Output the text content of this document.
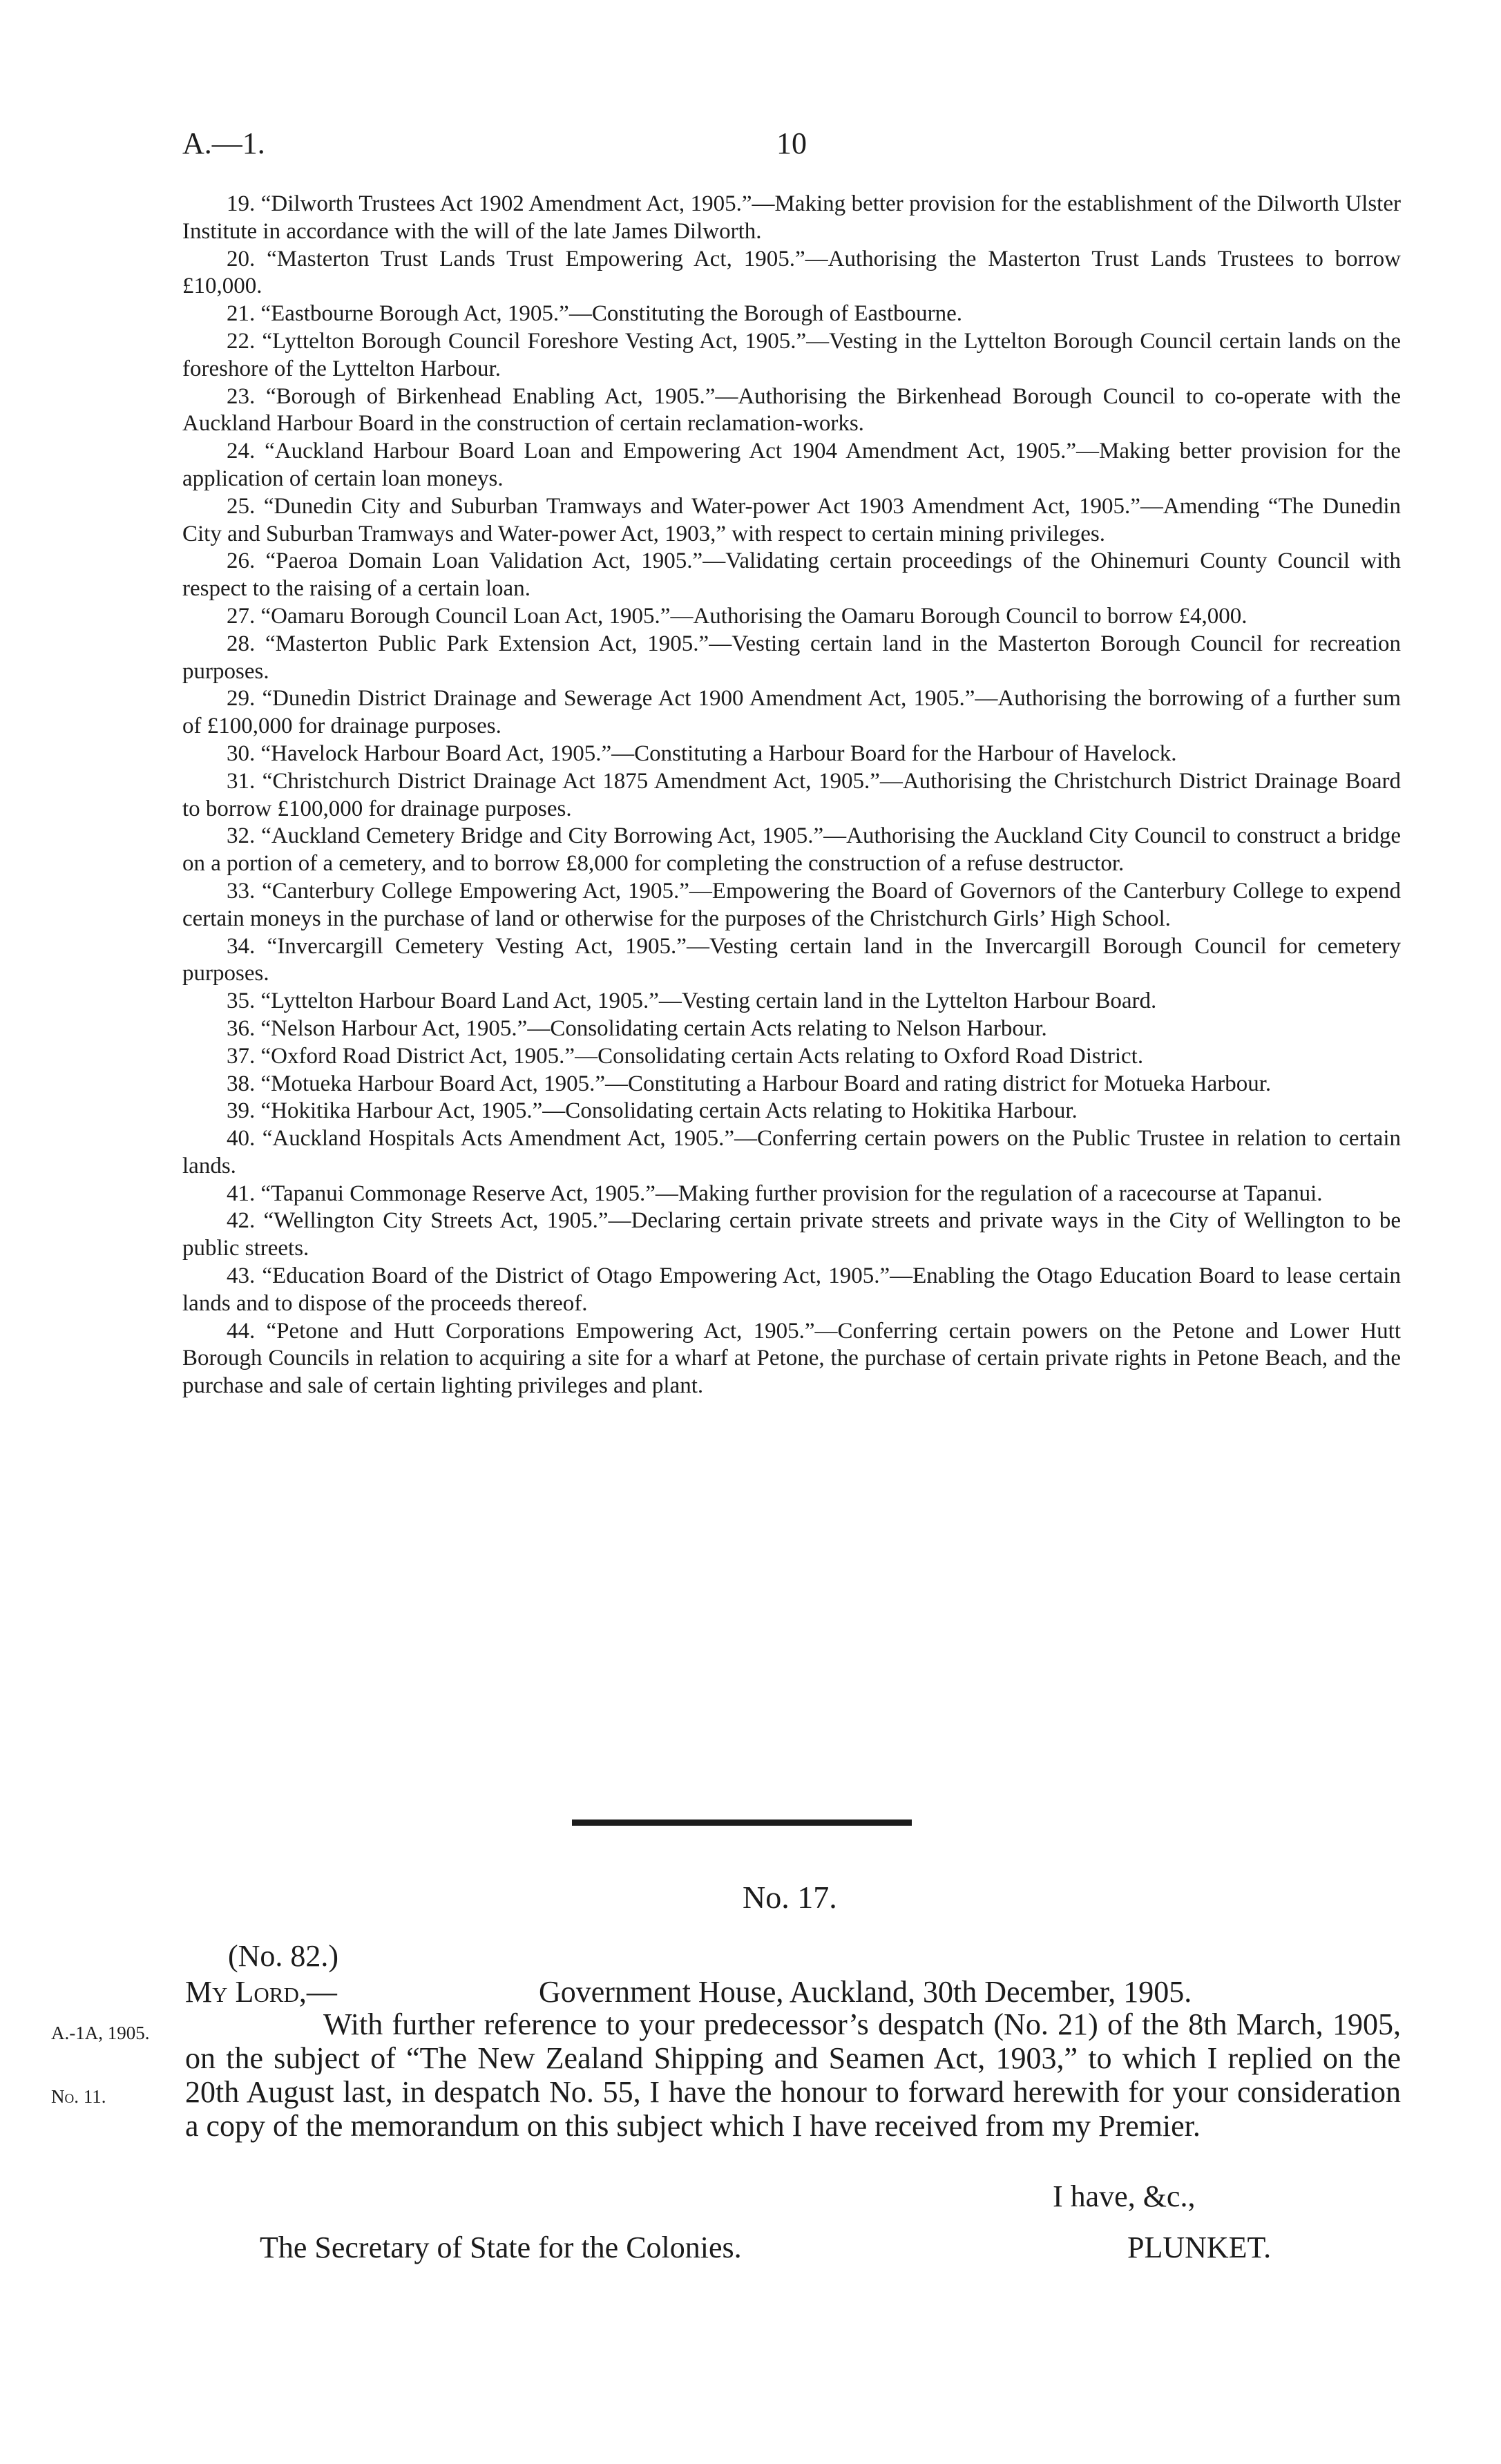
A.—1.	10

19. “Dilworth Trustees Act 1902 Amendment Act, 1905.”—Making better provision for the establishment of the Dilworth Ulster Institute in accordance with the will of the late James Dilworth.

20. “Masterton Trust Lands Trust Empowering Act, 1905.”—Authorising the Masterton Trust Lands Trustees to borrow £10,000.

21. “Eastbourne Borough Act, 1905.”—Constituting the Borough of Eastbourne.

22. “Lyttelton Borough Council Foreshore Vesting Act, 1905.”—Vesting in the Lyttelton Borough Council certain lands on the foreshore of the Lyttelton Harbour.

23. “Borough of Birkenhead Enabling Act, 1905.”—Authorising the Birkenhead Borough Council to co-operate with the Auckland Harbour Board in the construction of certain reclamation-works.

24. “Auckland Harbour Board Loan and Empowering Act 1904 Amendment Act, 1905.”—Making better provision for the application of certain loan moneys.

25. “Dunedin City and Suburban Tramways and Water-power Act 1903 Amendment Act, 1905.”—Amending “The Dunedin City and Suburban Tramways and Water-power Act, 1903,” with respect to certain mining privileges.

26. “Paeroa Domain Loan Validation Act, 1905.”—Validating certain proceedings of the Ohinemuri County Council with respect to the raising of a certain loan.

27. “Oamaru Borough Council Loan Act, 1905.”—Authorising the Oamaru Borough Council to borrow £4,000.

28. “Masterton Public Park Extension Act, 1905.”—Vesting certain land in the Masterton Borough Council for recreation purposes.

29. “Dunedin District Drainage and Sewerage Act 1900 Amendment Act, 1905.”—Authorising the borrowing of a further sum of £100,000 for drainage purposes.

30. “Havelock Harbour Board Act, 1905.”—Constituting a Harbour Board for the Harbour of Havelock.

31. “Christchurch District Drainage Act 1875 Amendment Act, 1905.”—Authorising the Christchurch District Drainage Board to borrow £100,000 for drainage purposes.

32. “Auckland Cemetery Bridge and City Borrowing Act, 1905.”—Authorising the Auckland City Council to construct a bridge on a portion of a cemetery, and to borrow £8,000 for completing the construction of a refuse destructor.

33. “Canterbury College Empowering Act, 1905.”—Empowering the Board of Governors of the Canterbury College to expend certain moneys in the purchase of land or otherwise for the purposes of the Christchurch Girls’ High School.

34. “Invercargill Cemetery Vesting Act, 1905.”—Vesting certain land in the Invercargill Borough Council for cemetery purposes.

35. “Lyttelton Harbour Board Land Act, 1905.”—Vesting certain land in the Lyttelton Harbour Board.

36. “Nelson Harbour Act, 1905.”—Consolidating certain Acts relating to Nelson Harbour.

37. “Oxford Road District Act, 1905.”—Consolidating certain Acts relating to Oxford Road District.

38. “Motueka Harbour Board Act, 1905.”—Constituting a Harbour Board and rating district for Motueka Harbour.

39. “Hokitika Harbour Act, 1905.”—Consolidating certain Acts relating to Hokitika Harbour.

40. “Auckland Hospitals Acts Amendment Act, 1905.”—Conferring certain powers on the Public Trustee in relation to certain lands.

41. “Tapanui Commonage Reserve Act, 1905.”—Making further provision for the regulation of a racecourse at Tapanui.

42. “Wellington City Streets Act, 1905.”—Declaring certain private streets and private ways in the City of Wellington to be public streets.

43. “Education Board of the District of Otago Empowering Act, 1905.”—Enabling the Otago Education Board to lease certain lands and to dispose of the proceeds thereof.

44. “Petone and Hutt Corporations Empowering Act, 1905.”—Conferring certain powers on the Petone and Lower Hutt Borough Councils in relation to acquiring a site for a wharf at Petone, the purchase of certain private rights in Petone Beach, and the purchase and sale of certain lighting privileges and plant.

No. 17.
(No. 82.)
My Lord,—	Government House, Auckland, 30th December, 1905.
A.-1A, 1905.
No. 11.

With further reference to your predecessor’s despatch (No. 21) of the 8th March, 1905, on the subject of “The New Zealand Shipping and Seamen Act, 1903,” to which I replied on the 20th August last, in despatch No. 55, I have the honour to forward herewith for your consideration a copy of the memorandum on this subject which I have received from my Premier.

I have, &c.,
The Secretary of State for the Colonies.	PLUNKET.
